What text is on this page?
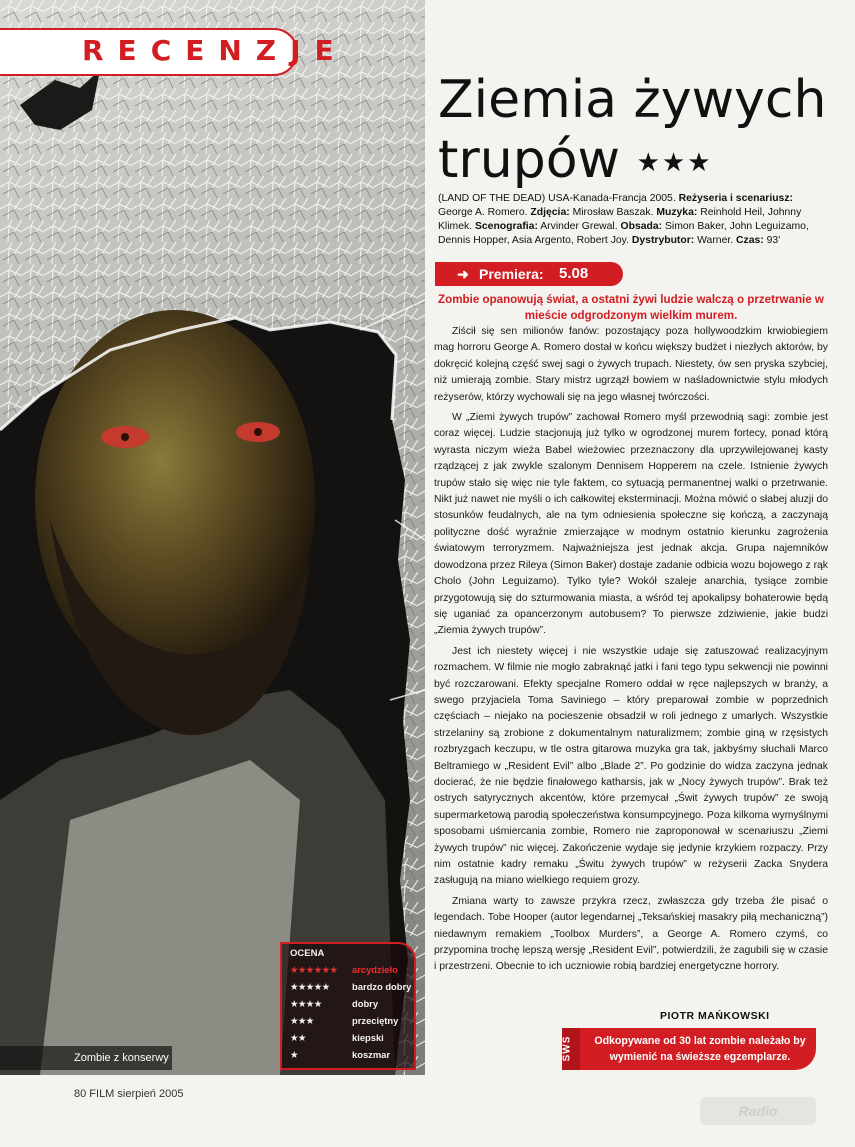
Zombie z konserwy
OCENA
★★★★★★ arcydzieło
★★★★★ bardzo dobry
★★★★	dobry
★★★	przeciętny
★★	kiepski
★	koszmar
RECENZJE
Ziemia żywych
trupów ★★★
(LAND OF THE DEAD) USA-Kanada-Francja 2005. Reżyseria i scenariusz: George A. Romero. Zdjęcia: Mirosław Baszak. Muzyka: Reinhold Heil, Johnny Klimek. Scenografia: Arvinder Grewal. Obsada: Simon Baker, John Leguizamo, Dennis Hopper, Asia Argento, Robert Joy. Dystrybutor: Warner. Czas: 93'
➜ Premiera: 5.08
Zombie opanowują świat, a ostatni żywi ludzie walczą o przetrwanie w mieście odgrodzonym wielkim murem.

Ziścił się sen milionów fanów: pozostający poza hollywoodzkim krwiobiegiem mag horroru George A. Romero dostał w końcu większy budżet i niezłych aktorów, by dokręcić kolejną część swej sagi o żywych trupach. Niestety, ów sen pryska szybciej, niż umierają zombie. Stary mistrz ugrzązł bowiem w naśladownictwie stylu młodych reżyserów, którzy wychowali się na jego własnej twórczości.

W „Ziemi żywych trupów” zachował Romero myśl przewodnią sagi: zombie jest coraz więcej. Ludzie stacjonują już tylko w ogrodzonej murem fortecy, ponad którą wyrasta niczym wieża Babel wieżowiec przeznaczony dla uprzywilejowanej kasty rządzącej z jak zwykle szalonym Dennisem Hopperem na czele. Istnienie żywych trupów stało się więc nie tyle faktem, co sytuacją permanentnej walki o przetrwanie. Nikt już nawet nie myśli o ich całkowitej eksterminacji. Można mówić o słabej aluzji do stosunków feudalnych, ale na tym odniesienia społeczne się kończą, a zaczynają polityczne dość wyraźnie zmierzające w modnym ostatnio kierunku zagrożenia światowym terroryzmem. Najważniejsza jest jednak akcja. Grupa najemników dowodzona przez Rileya (Simon Baker) dostaje zadanie odbicia wozu bojowego z rąk Cholo (John Leguizamo). Tylko tyle? Wokół szaleje anarchia, tysiące zombie przygotowują się do szturmowania miasta, a wśród tej apokalipsy bohaterowie będą się uganiać za opancerzonym autobusem? To pierwsze zdziwienie, jakie budzi „Ziemia żywych trupów”.

Jest ich niestety więcej i nie wszystkie udaje się zatuszować realizacyjnym rozmachem. W filmie nie mogło zabraknąć jatki i fani tego typu sekwencji nie powinni być rozczarowani. Efekty specjalne Romero oddał w ręce najlepszych w branży, a swego przyjaciela Toma Saviniego – który preparował zombie w poprzednich częściach – niejako na pocieszenie obsadził w roli jednego z umarłych. Wszystkie strzelaniny są zrobione z dokumentalnym naturalizmem; zombie giną w rzęsistych rozbryzgach keczupu, w tle ostra gitarowa muzyka gra tak, jakbyśmy słuchali Marco Beltramiego w „Resident Evil” albo „Blade 2”. Po godzinie do widza zaczyna jednak docierać, że nie będzie finałowego katharsis, jak w „Nocy żywych trupów”. Brak też ostrych satyrycznych akcentów, które przemycał „Świt żywych trupów” ze swoją supermarketową parodią społeczeństwa konsumpcyjnego. Poza kilkoma wymyślnymi sposobami uśmiercania zombie, Romero nie zaproponował w scenariuszu „Ziemi żywych trupów” nic więcej. Zakończenie wydaje się jedynie krzykiem rozpaczy. Przy nim ostatnie kadry remaku „Świtu żywych trupów” w reżyserii Zacka Snydera zasługują na miano wielkiego requiem grozy.

Zmiana warty to zawsze przykra rzecz, zwłaszcza gdy trzeba źle pisać o legendach. Tobe Hooper (autor legendarnej „Teksańskiej masakry piłą mechaniczną”) niedawnym remakiem „Toolbox Murders”, a George A. Romero czymś, co przypomina trochę lepszą wersję „Resident Evil”, potwierdzili, że zagubili się w czasie i przestrzeni. Obecnie to ich uczniowie robią bardziej energetyczne horrory.

PIOTR MAŃKOWSKI
SWS	Odkopywane od 30 lat zombie należało by wymienić na świeższe egzemplarze.
80 FILM sierpień 2005
Radio
